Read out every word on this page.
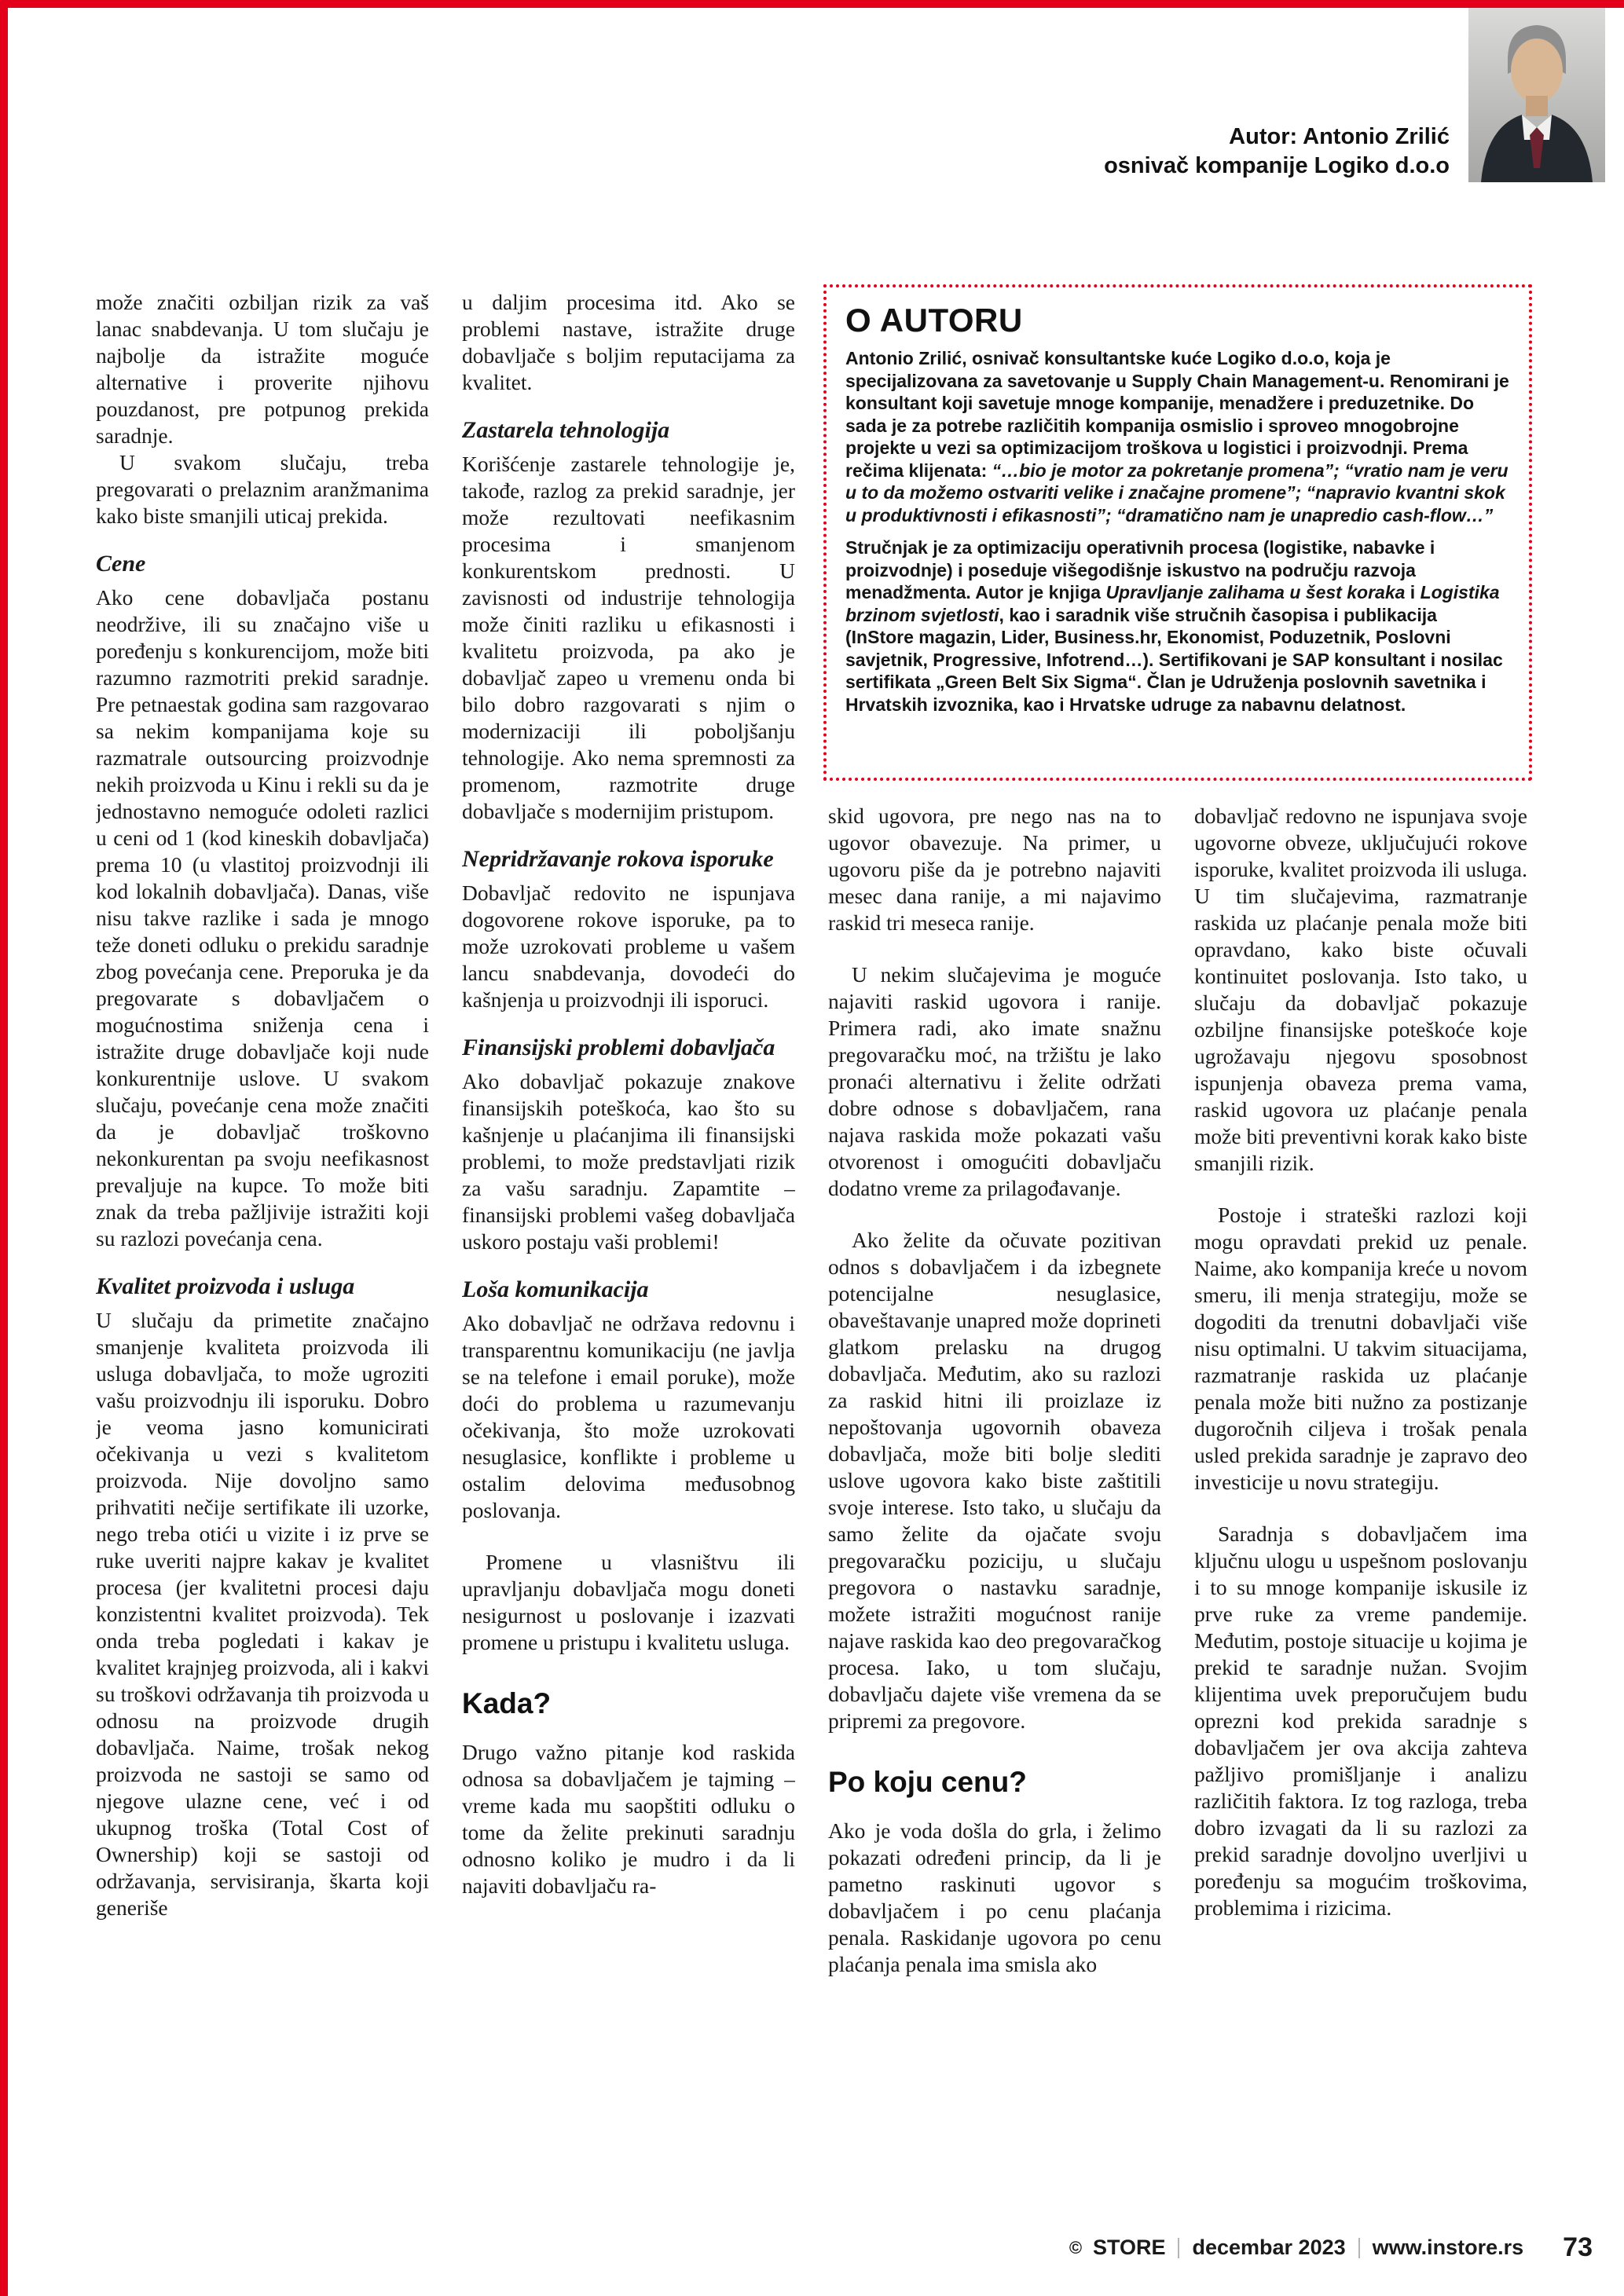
Autor: Antonio Zrilić
osnivač kompanije Logiko d.o.o
O AUTORU

Antonio Zrilić, osnivač konsultantske kuće Logiko d.o.o, koja je specijalizovana za savetovanje u Supply Chain Management-u. Renomirani je konsultant koji savetuje mnoge kompanije, menadžere i preduzetnike. Do sada je za potrebe različitih kompanija osmislio i sproveo mnogobrojne projekte u vezi sa optimizacijom troškova u logistici i proizvodnji. Prema rečima klijenata: “…bio je motor za pokretanje promena”; “vratio nam je veru u to da možemo ostvariti velike i značajne promene”; “napravio kvantni skok u produktivnosti i efikasnosti”; “dramatično nam je unapredio cash-flow…”

Stručnjak je za optimizaciju operativnih procesa (logistike, nabavke i proizvodnje) i poseduje višegodišnje iskustvo na području razvoja menadžmenta. Autor je knjiga Upravljanje zalihama u šest koraka i Logistika brzinom svjetlosti, kao i saradnik više stručnih časopisa i publikacija (InStore magazin, Lider, Business.hr, Ekonomist, Poduzetnik, Poslovni savjetnik, Progressive, Infotrend…). Sertifikovani je SAP konsultant i nosilac sertifikata „Green Belt Six Sigma“. Član je Udruženja poslovnih savetnika i Hrvatskih izvoznika, kao i Hrvatske udruge za nabavnu delatnost.

može značiti ozbiljan rizik za vaš lanac snabdevanja. U tom slučaju je najbolje da istražite moguće alternative i proverite njihovu pouzdanost, pre potpunog prekida saradnje.

U svakom slučaju, treba pregovarati o prelaznim aranžmanima kako biste smanjili uticaj prekida.

Cene

Ako cene dobavljača postanu neodržive, ili su značajno više u poređenju s konkurencijom, može biti razumno razmotriti prekid saradnje. Pre petnaestak godina sam razgovarao sa nekim kompanijama koje su razmatrale outsourcing proizvodnje nekih proizvoda u Kinu i rekli su da je jednostavno nemoguće odoleti razlici u ceni od 1 (kod kineskih dobavljača) prema 10 (u vlastitoj proizvodnji ili kod lokalnih dobavljača). Danas, više nisu takve razlike i sada je mnogo teže doneti odluku o prekidu saradnje zbog povećanja cene. Preporuka je da pregovarate s dobavljačem o mogućnostima sniženja cena i istražite druge dobavljače koji nude konkurentnije uslove. U svakom slučaju, povećanje cena može značiti da je dobavljač troškovno nekonkurentan pa svoju neefikasnost prevaljuje na kupce. To može biti znak da treba pažljivije istražiti koji su razlozi povećanja cena.

Kvalitet proizvoda i usluga

U slučaju da primetite značajno smanjenje kvaliteta proizvoda ili usluga dobavljača, to može ugroziti vašu proizvodnju ili isporuku. Dobro je veoma jasno komunicirati očekivanja u vezi s kvalitetom proizvoda. Nije dovoljno samo prihvatiti nečije sertifikate ili uzorke, nego treba otići u vizite i iz prve se ruke uveriti najpre kakav je kvalitet procesa (jer kvalitetni procesi daju konzistentni kvalitet proizvoda). Tek onda treba pogledati i kakav je kvalitet krajnjeg proizvoda, ali i kakvi su troškovi održavanja tih proizvoda u odnosu na proizvode drugih dobavljača. Naime, trošak nekog proizvoda ne sastoji se samo od njegove ulazne cene, već i od ukupnog troška (Total Cost of Ownership) koji se sastoji od održavanja, servisiranja, škarta koji generiše

u daljim procesima itd. Ako se problemi nastave, istražite druge dobavljače s boljim reputacijama za kvalitet.

Zastarela tehnologija

Korišćenje zastarele tehnologije je, takođe, razlog za prekid saradnje, jer može rezultovati neefikasnim procesima i smanjenom konkurentskom prednosti. U zavisnosti od industrije tehnologija može činiti razliku u efikasnosti i kvalitetu proizvoda, pa ako je dobavljač zapeo u vremenu onda bi bilo dobro razgovarati s njim o modernizaciji ili poboljšanju tehnologije. Ako nema spremnosti za promenom, razmotrite druge dobavljače s modernijim pristupom.

Nepridržavanje rokova isporuke

Dobavljač redovito ne ispunjava dogovorene rokove isporuke, pa to može uzrokovati probleme u vašem lancu snabdevanja, dovodeći do kašnjenja u proizvodnji ili isporuci.

Finansijski problemi dobavljača

Ako dobavljač pokazuje znakove finansijskih poteškoća, kao što su kašnjenje u plaćanjima ili finansijski problemi, to može predstavljati rizik za vašu saradnju. Zapamtite – finansijski problemi vašeg dobavljača uskoro postaju vaši problemi!

Loša komunikacija

Ako dobavljač ne održava redovnu i transparentnu komunikaciju (ne javlja se na telefone i email poruke), može doći do problema u razumevanju očekivanja, što može uzrokovati nesuglasice, konflikte i probleme u ostalim delovima međusobnog poslovanja.

Promene u vlasništvu ili upravljanju dobavljača mogu doneti nesigurnost u poslovanje i izazvati promene u pristupu i kvalitetu usluga.

Kada?

Drugo važno pitanje kod raskida odnosa sa dobavljačem je tajming – vreme kada mu saopštiti odluku o tome da želite prekinuti saradnju odnosno koliko je mudro i da li najaviti dobavljaču ra-

skid ugovora, pre nego nas na to ugovor obavezuje. Na primer, u ugovoru piše da je potrebno najaviti mesec dana ranije, a mi najavimo raskid tri meseca ranije.

U nekim slučajevima je moguće najaviti raskid ugovora i ranije. Primera radi, ako imate snažnu pregovaračku moć, na tržištu je lako pronaći alternativu i želite održati dobre odnose s dobavljačem, rana najava raskida može pokazati vašu otvorenost i omogućiti dobavljaču dodatno vreme za prilagođavanje.

Ako želite da očuvate pozitivan odnos s dobavljačem i da izbegnete potencijalne nesuglasice, obaveštavanje unapred može doprineti glatkom prelasku na drugog dobavljača. Međutim, ako su razlozi za raskid hitni ili proizlaze iz nepoštovanja ugovornih obaveza dobavljača, može biti bolje slediti uslove ugovora kako biste zaštitili svoje interese. Isto tako, u slučaju da samo želite da ojačate svoju pregovaračku poziciju, u slučaju pregovora o nastavku saradnje, možete istražiti mogućnost ranije najave raskida kao deo pregovaračkog procesa. Iako, u tom slučaju, dobavljaču dajete više vremena da se pripremi za pregovore.

Po koju cenu?

Ako je voda došla do grla, i želimo pokazati određeni princip, da li je pametno raskinuti ugovor s dobavljačem i po cenu plaćanja penala. Raskidanje ugovora po cenu plaćanja penala ima smisla ako

dobavljač redovno ne ispunjava svoje ugovorne obveze, uključujući rokove isporuke, kvalitet proizvoda ili usluga. U tim slučajevima, razmatranje raskida uz plaćanje penala može biti opravdano, kako biste očuvali kontinuitet poslovanja. Isto tako, u slučaju da dobavljač pokazuje ozbiljne finansijske poteškoće koje ugrožavaju njegovu sposobnost ispunjenja obaveza prema vama, raskid ugovora uz plaćanje penala može biti preventivni korak kako biste smanjili rizik.

Postoje i strateški razlozi koji mogu opravdati prekid uz penale. Naime, ako kompanija kreće u novom smeru, ili menja strategiju, može se dogoditi da trenutni dobavljači više nisu optimalni. U takvim situacijama, razmatranje raskida uz plaćanje penala može biti nužno za postizanje dugoročnih ciljeva i trošak penala usled prekida saradnje je zapravo deo investicije u novu strategiju.

Saradnja s dobavljačem ima ključnu ulogu u uspešnom poslovanju i to su mnoge kompanije iskusile iz prve ruke za vreme pandemije. Međutim, postoje situacije u kojima je prekid te saradnje nužan. Svojim klijentima uvek preporučujem budu oprezni kod prekida saradnje s dobavljačem jer ova akcija zahteva pažljivo promišljanje i analizu različitih faktora. Iz tog razloga, treba dobro izvagati da li su razlozi za prekid saradnje dovoljno uverljivi u poređenju sa mogućim troškovima, problemima i rizicima.

© STORE decembar 2023 www.instore.rs 73
